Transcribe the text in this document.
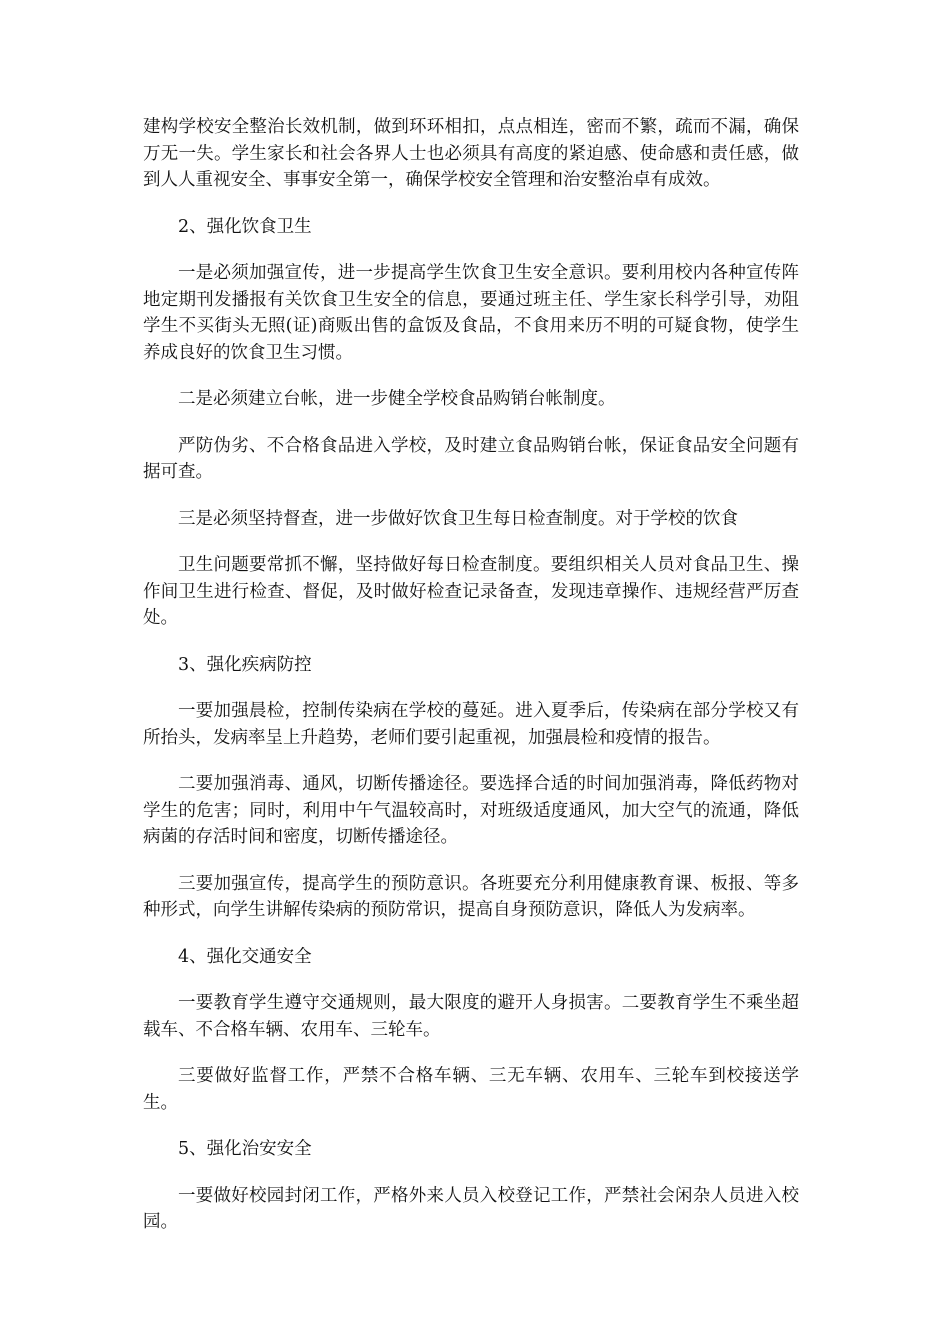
建构学校安全整治长效机制，做到环环相扣，点点相连，密而不繁，疏而不漏，确保万无一失。学生家长和社会各界人士也必须具有高度的紧迫感、使命感和责任感，做到人人重视安全、事事安全第一，确保学校安全管理和治安整治卓有成效。

2、强化饮食卫生

一是必须加强宣传，进一步提高学生饮食卫生安全意识。要利用校内各种宣传阵地定期刊发播报有关饮食卫生安全的信息，要通过班主任、学生家长科学引导，劝阻学生不买街头无照(证)商贩出售的盒饭及食品，不食用来历不明的可疑食物，使学生养成良好的饮食卫生习惯。

二是必须建立台帐，进一步健全学校食品购销台帐制度。

严防伪劣、不合格食品进入学校，及时建立食品购销台帐，保证食品安全问题有据可查。

三是必须坚持督查，进一步做好饮食卫生每日检查制度。对于学校的饮食

卫生问题要常抓不懈，坚持做好每日检查制度。要组织相关人员对食品卫生、操作间卫生进行检查、督促，及时做好检查记录备查，发现违章操作、违规经营严厉查处。

3、强化疾病防控

一要加强晨检，控制传染病在学校的蔓延。进入夏季后，传染病在部分学校又有所抬头，发病率呈上升趋势，老师们要引起重视，加强晨检和疫情的报告。

二要加强消毒、通风，切断传播途径。要选择合适的时间加强消毒，降低药物对学生的危害；同时，利用中午气温较高时，对班级适度通风，加大空气的流通，降低病菌的存活时间和密度，切断传播途径。

三要加强宣传，提高学生的预防意识。各班要充分利用健康教育课、板报、等多种形式，向学生讲解传染病的预防常识，提高自身预防意识，降低人为发病率。

4、强化交通安全

一要教育学生遵守交通规则，最大限度的避开人身损害。二要教育学生不乘坐超载车、不合格车辆、农用车、三轮车。

三要做好监督工作，严禁不合格车辆、三无车辆、农用车、三轮车到校接送学生。

5、强化治安安全

一要做好校园封闭工作，严格外来人员入校登记工作，严禁社会闲杂人员进入校园。
